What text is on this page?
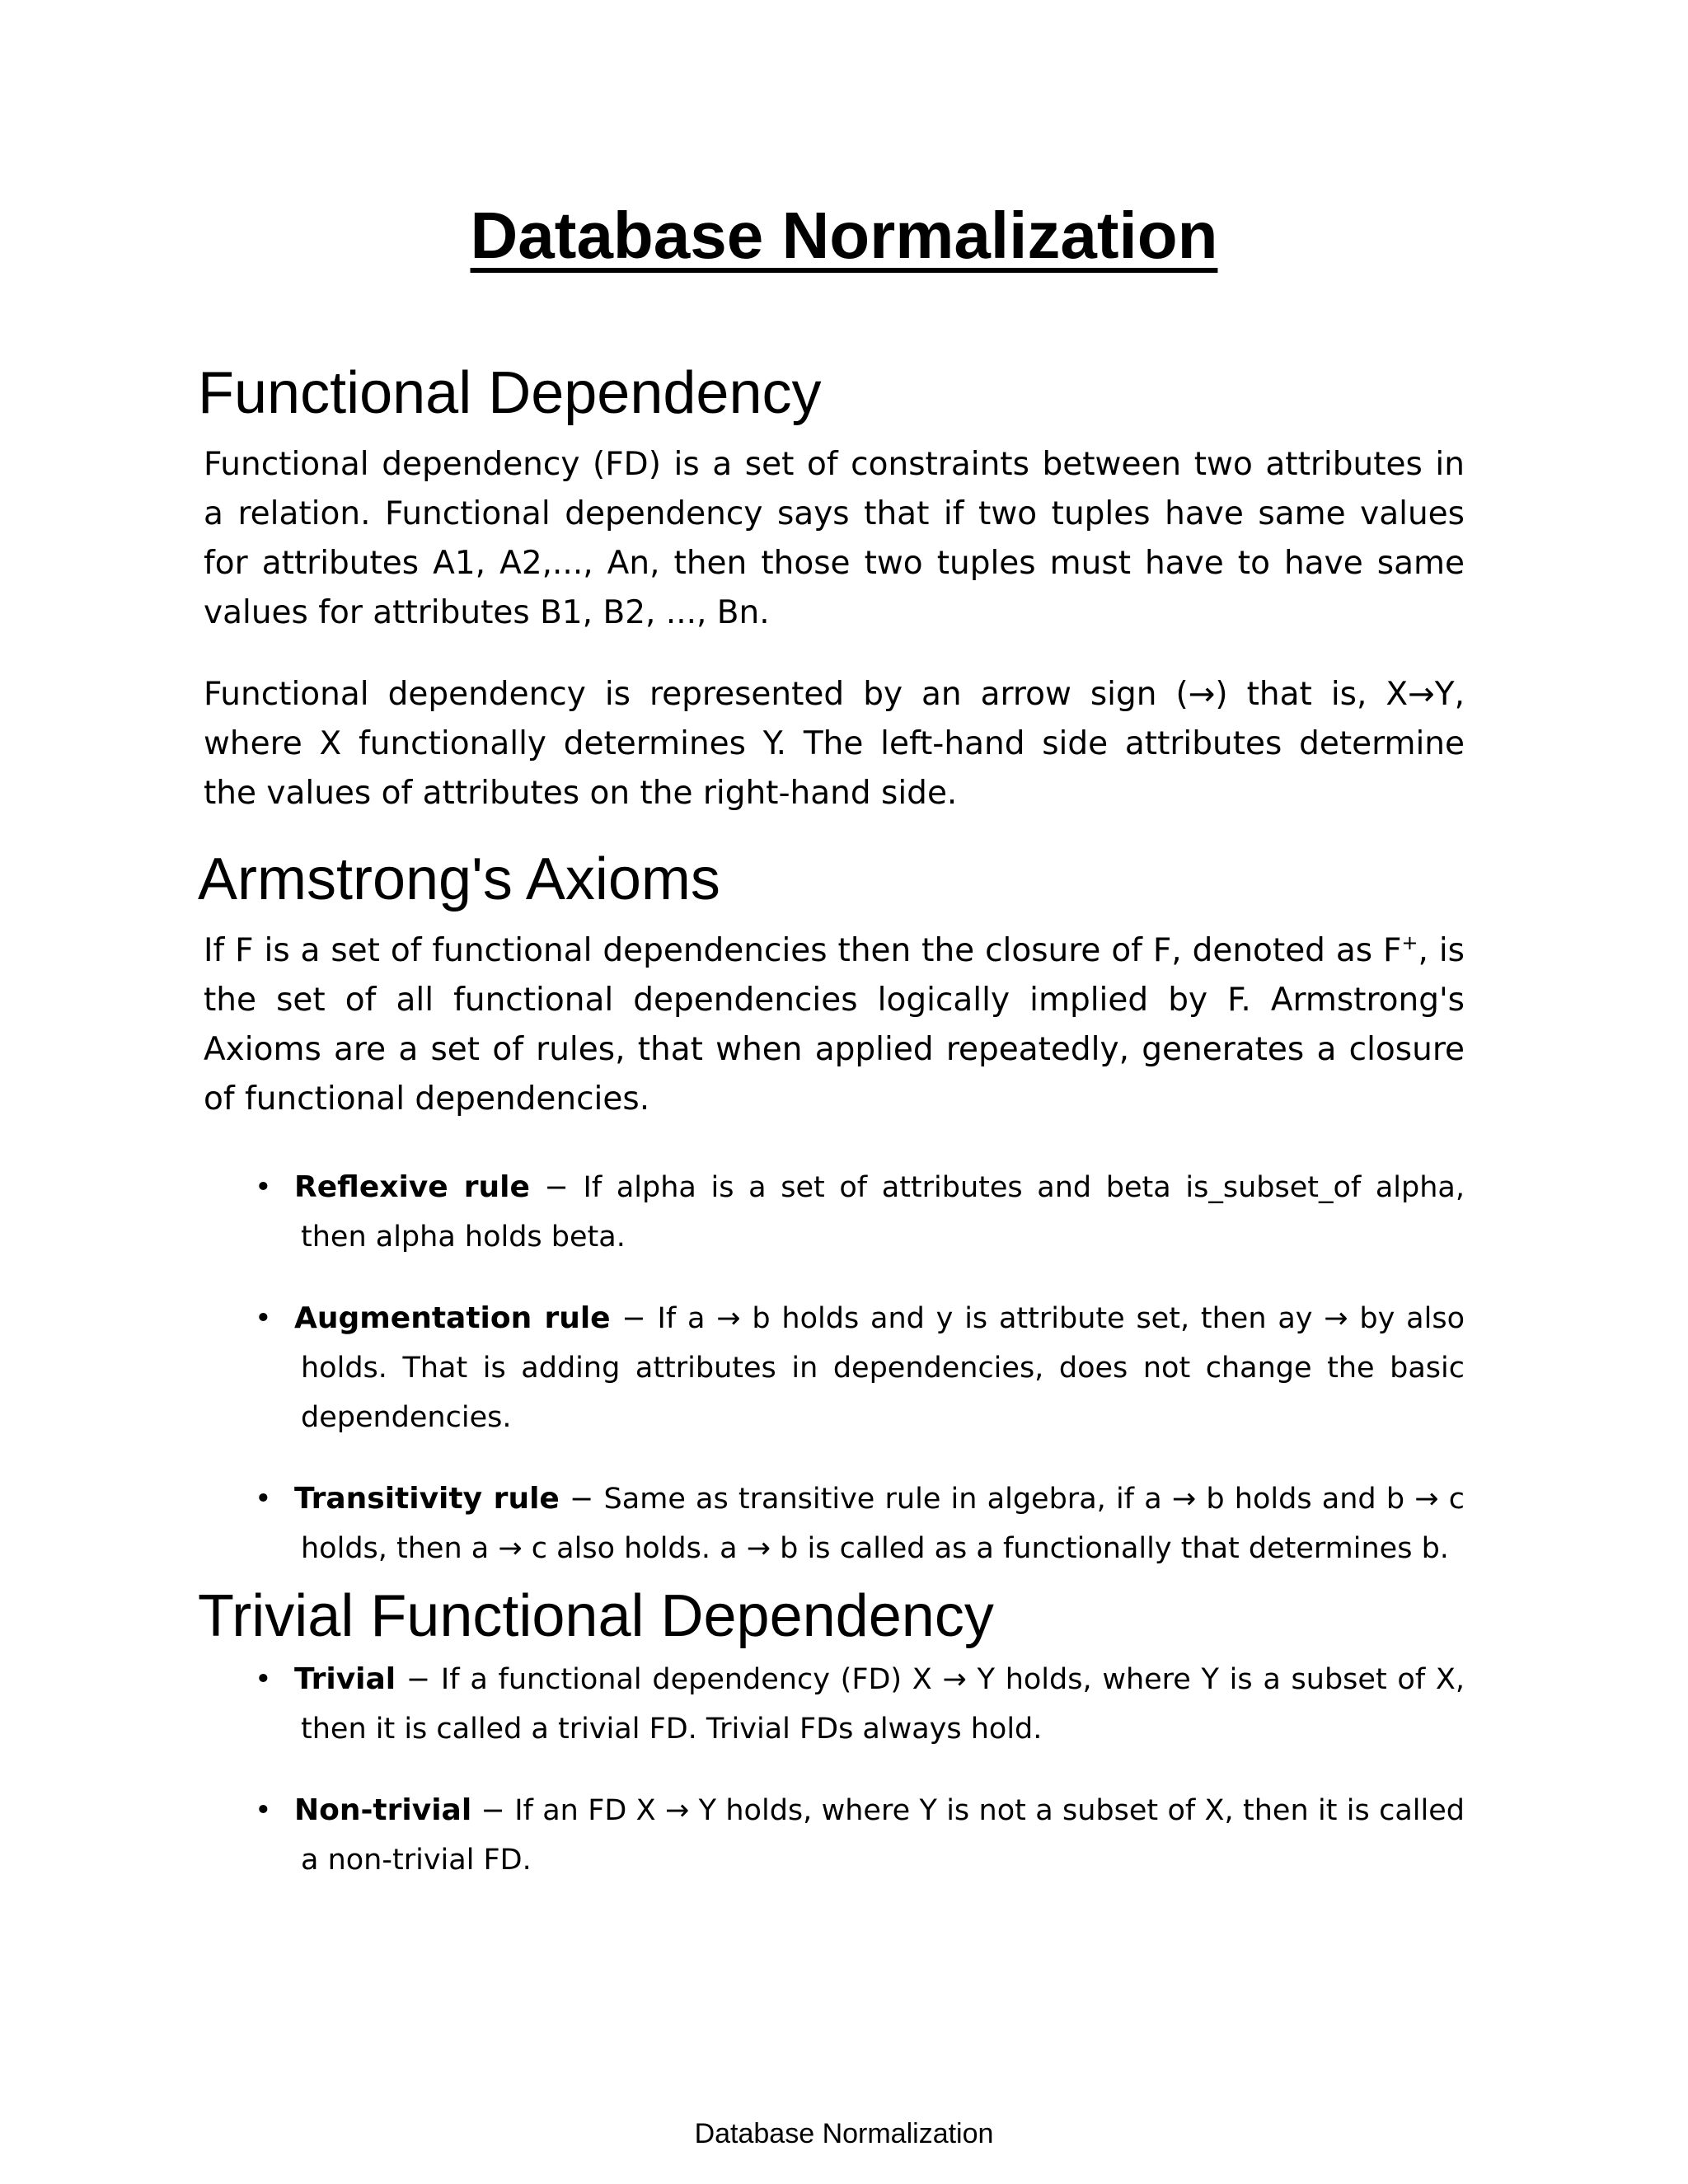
Database Normalization
Functional Dependency

Functional dependency (FD) is a set of constraints between two attributes in a relation. Functional dependency says that if two tuples have same values for attributes A1, A2,..., An, then those two tuples must have to have same values for attributes B1, B2, ..., Bn.

Functional dependency is represented by an arrow sign (→) that is, X→Y, where X functionally determines Y. The left-hand side attributes determine the values of attributes on the right-hand side.

Armstrong's Axioms

If F is a set of functional dependencies then the closure of F, denoted as F+, is the set of all functional dependencies logically implied by F. Armstrong's Axioms are a set of rules, that when applied repeatedly, generates a closure of functional dependencies.

• Reflexive rule − If alpha is a set of attributes and beta is_subset_of alpha, then alpha holds beta.
• Augmentation rule − If a → b holds and y is attribute set, then ay → by also holds. That is adding attributes in dependencies, does not change the basic dependencies.
• Transitivity rule − Same as transitive rule in algebra, if a → b holds and b → c holds, then a → c also holds. a → b is called as a functionally that determines b.
Trivial Functional Dependency
• Trivial − If a functional dependency (FD) X → Y holds, where Y is a subset of X, then it is called a trivial FD. Trivial FDs always hold.
• Non-trivial − If an FD X → Y holds, where Y is not a subset of X, then it is called a non-trivial FD.
Database Normalization
